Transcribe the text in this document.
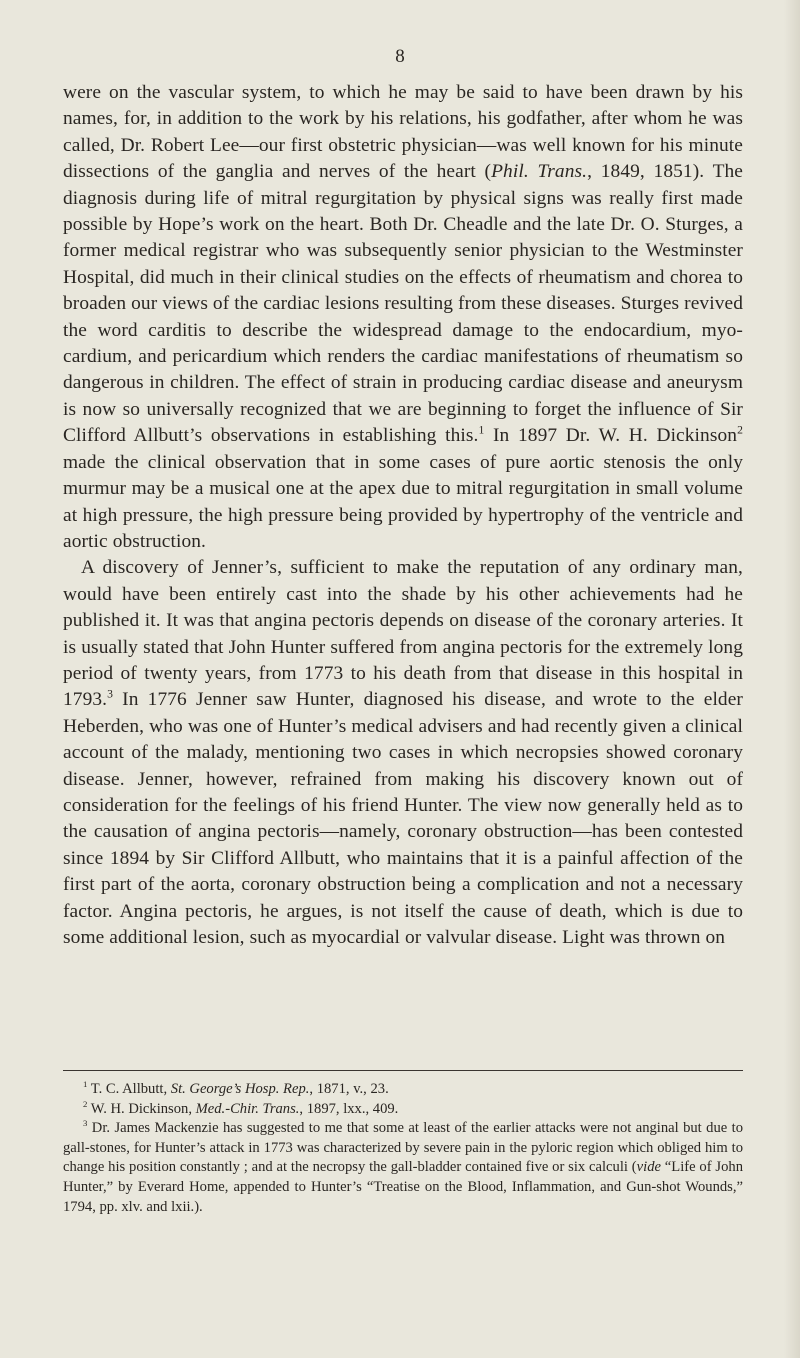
8

were on the vascular system, to which he may be said to have been drawn by his names, for, in addition to the work by his relations, his godfather, after whom he was called, Dr. Robert Lee—our first obstetric physician—was well known for his minute dissections of the ganglia and nerves of the heart (Phil. Trans., 1849, 1851). The diagnosis during life of mitral regurgitation by physical signs was really first made possible by Hope’s work on the heart. Both Dr. Cheadle and the late Dr. O. Sturges, a former medical registrar who was subsequently senior physician to the Westminster Hospital, did much in their clinical studies on the effects of rheumatism and chorea to broaden our views of the cardiac lesions resulting from these diseases. Sturges revived the word carditis to describe the widespread damage to the endocardium, myo-cardium, and pericardium which renders the cardiac manifestations of rheumatism so dangerous in children. The effect of strain in producing cardiac disease and aneurysm is now so universally recognized that we are beginning to forget the influence of Sir Clifford Allbutt’s observations in establishing this.$^1$ In 1897 Dr. W. H. Dickinson$^2$ made the clinical observation that in some cases of pure aortic stenosis the only murmur may be a musical one at the apex due to mitral regurgitation in small volume at high pressure, the high pressure being provided by hypertrophy of the ventricle and aortic obstruction.

A discovery of Jenner’s, sufficient to make the reputation of any ordinary man, would have been entirely cast into the shade by his other achievements had he published it. It was that angina pectoris depends on disease of the coronary arteries. It is usually stated that John Hunter suffered from angina pectoris for the extremely long period of twenty years, from 1773 to his death from that disease in this hospital in 1793.$^3$ In 1776 Jenner saw Hunter, diagnosed his disease, and wrote to the elder Heberden, who was one of Hunter’s medical advisers and had recently given a clinical account of the malady, mentioning two cases in which necropsies showed coronary disease. Jenner, however, refrained from making his discovery known out of consideration for the feelings of his friend Hunter. The view now generally held as to the causation of angina pectoris—namely, coronary obstruction—has been contested since 1894 by Sir Clifford Allbutt, who maintains that it is a painful affection of the first part of the aorta, coronary obstruction being a complication and not a necessary factor. Angina pectoris, he argues, is not itself the cause of death, which is due to some additional lesion, such as myocardial or valvular disease. Light was thrown on

$^1$ T. C. Allbutt, St. George’s Hosp. Rep., 1871, v., 23.

$^2$ W. H. Dickinson, Med.-Chir. Trans., 1897, lxx., 409.

$^3$ Dr. James Mackenzie has suggested to me that some at least of the earlier attacks were not anginal but due to gall-stones, for Hunter’s attack in 1773 was characterized by severe pain in the pyloric region which obliged him to change his position constantly ; and at the necropsy the gall-bladder contained five or six calculi (vide “Life of John Hunter,” by Everard Home, appended to Hunter’s “Treatise on the Blood, Inflammation, and Gun-shot Wounds,” 1794, pp. xlv. and lxii.).
